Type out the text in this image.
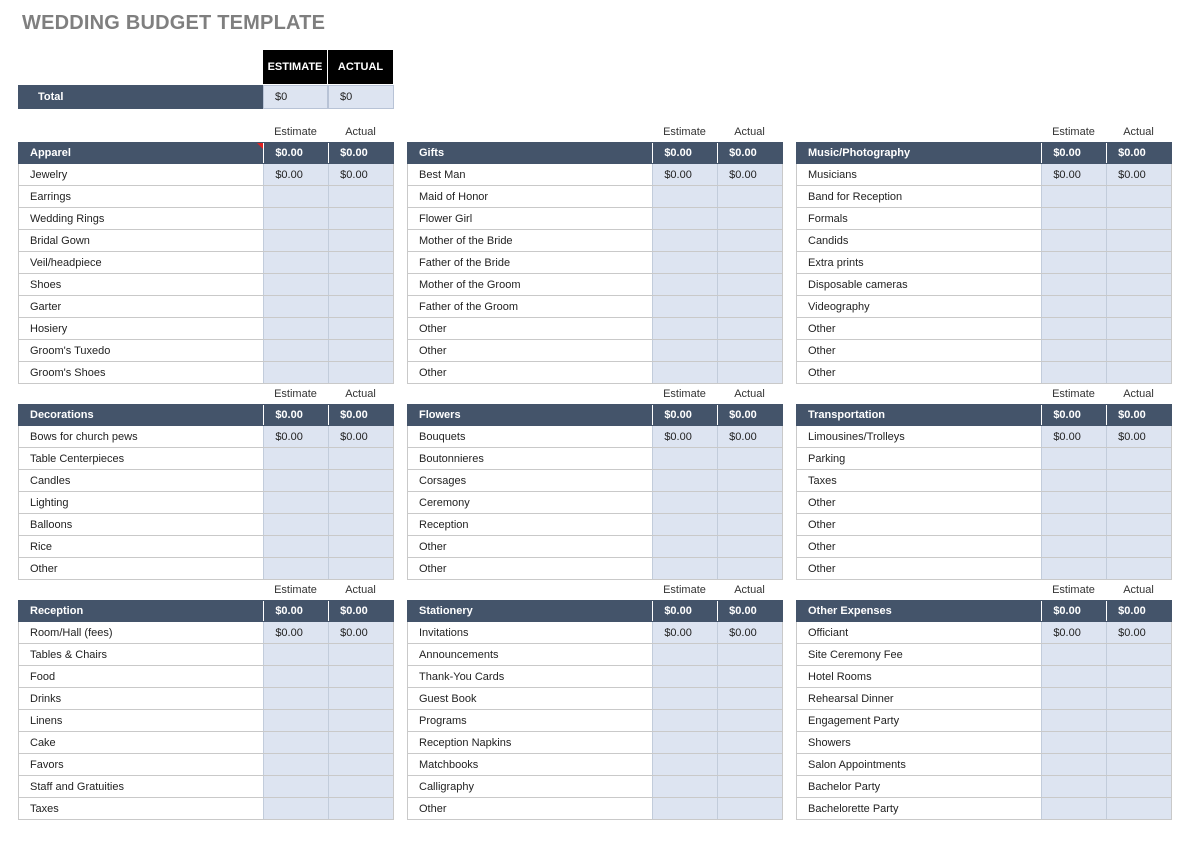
WEDDING BUDGET TEMPLATE
ESTIMATE	ACTUAL
Total	$0	$0
Estimate	Actual
Apparel	$0.00	$0.00
Jewelry	$0.00	$0.00
Earrings
Wedding Rings
Bridal Gown
Veil/headpiece
Shoes
Garter
Hosiery
Groom's Tuxedo
Groom's Shoes
Estimate	Actual
Gifts	$0.00	$0.00
Best Man	$0.00	$0.00
Maid of Honor
Flower Girl
Mother of the Bride
Father of the Bride
Mother of the Groom
Father of the Groom
Other
Other
Other
Estimate	Actual
Music/Photography	$0.00	$0.00
Musicians	$0.00	$0.00
Band for Reception
Formals
Candids
Extra prints
Disposable cameras
Videography
Other
Other
Other
Estimate	Actual
Decorations	$0.00	$0.00
Bows for church pews	$0.00	$0.00
Table Centerpieces
Candles
Lighting
Balloons
Rice
Other
Estimate	Actual
Flowers	$0.00	$0.00
Bouquets	$0.00	$0.00
Boutonnieres
Corsages
Ceremony
Reception
Other
Other
Estimate	Actual
Transportation	$0.00	$0.00
Limousines/Trolleys	$0.00	$0.00
Parking
Taxes
Other
Other
Other
Other
Estimate	Actual
Reception	$0.00	$0.00
Room/Hall (fees)	$0.00	$0.00
Tables & Chairs
Food
Drinks
Linens
Cake
Favors
Staff and Gratuities
Taxes
Estimate	Actual
Stationery	$0.00	$0.00
Invitations	$0.00	$0.00
Announcements
Thank-You Cards
Guest Book
Programs
Reception Napkins
Matchbooks
Calligraphy
Other
Estimate	Actual
Other Expenses	$0.00	$0.00
Officiant	$0.00	$0.00
Site Ceremony Fee
Hotel Rooms
Rehearsal Dinner
Engagement Party
Showers
Salon Appointments
Bachelor Party
Bachelorette Party
